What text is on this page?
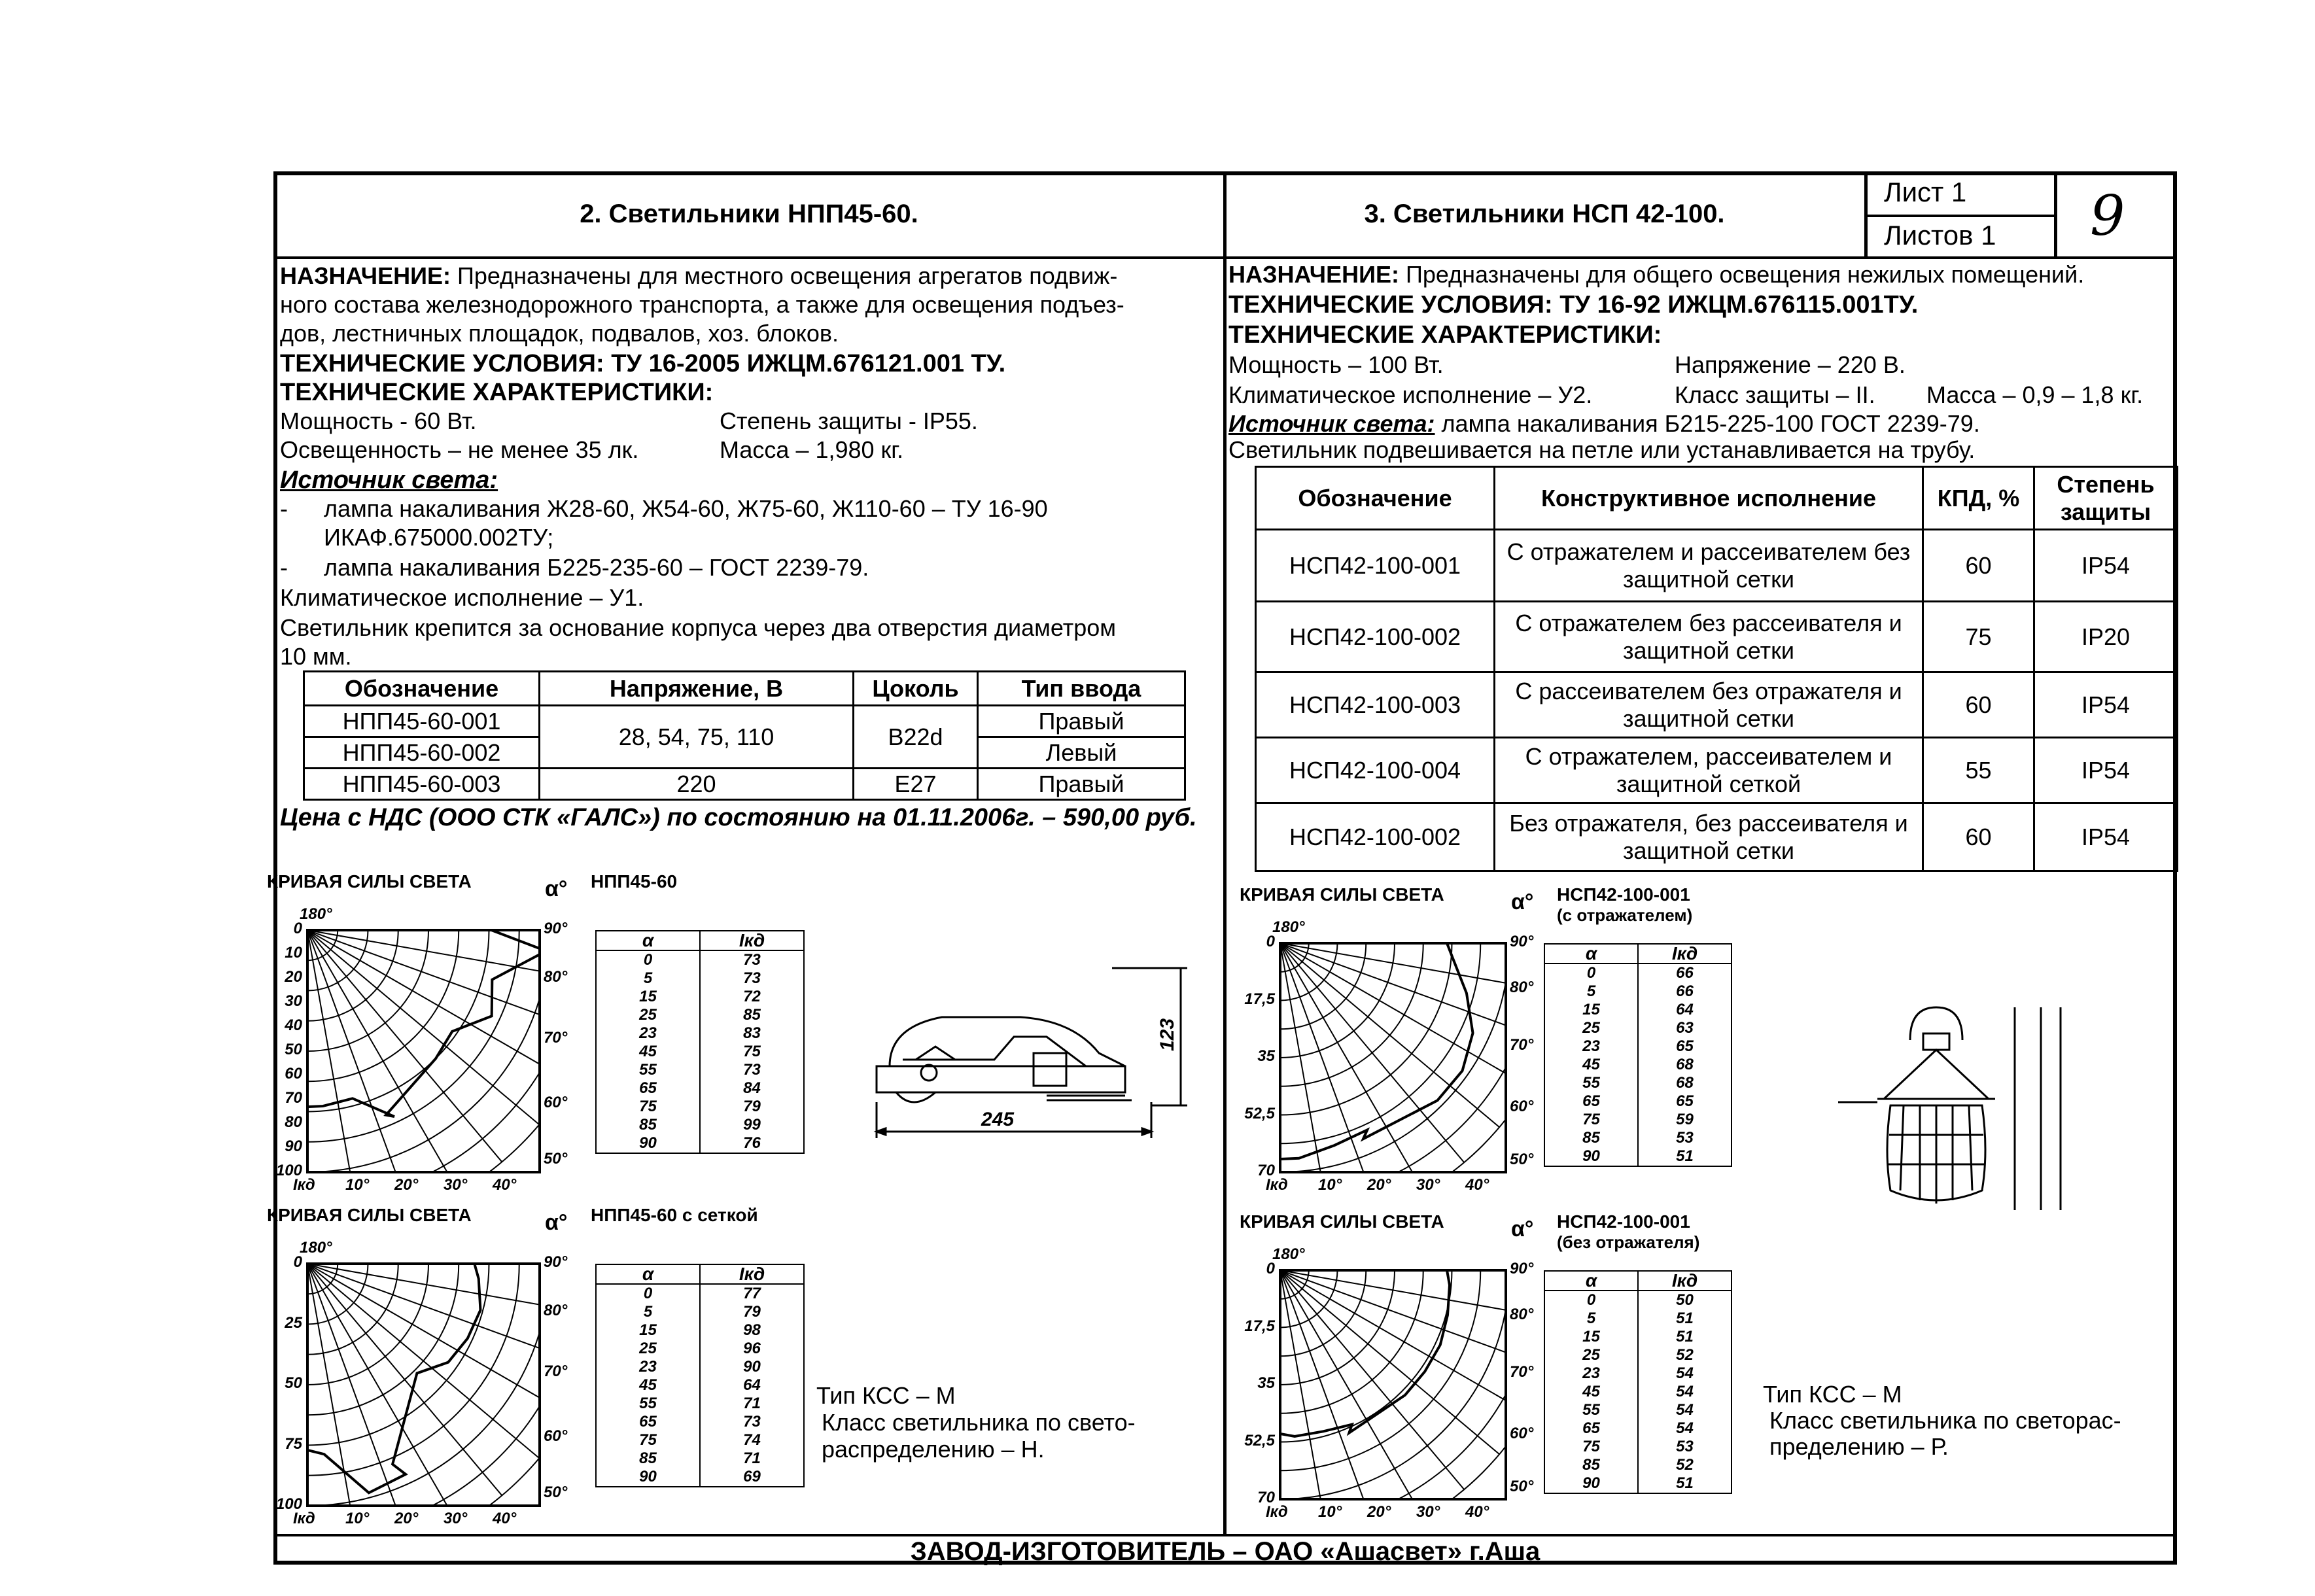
2. Светильники НПП45-60.	3. Светильники НСП 42-100.
Лист 1
Листов 1 9
НАЗНАЧЕНИЕ: Предназначены для местного освещения агрегатов подвиж-
ного состава железнодорожного транспорта, а также для освещения подъез-
дов, лестничных площадок, подвалов, хоз. блоков.
ТЕХНИЧЕСКИЕ УСЛОВИЯ: ТУ 16-2005 ИЖЦМ.676121.001 ТУ.
ТЕХНИЧЕСКИЕ ХАРАКТЕРИСТИКИ:
Мощность - 60 Вт.	Степень защиты - IP55.
Освещенность – не менее 35 лк.	Масса – 1,980 кг.
Источник света:
- лампа накаливания Ж28-60, Ж54-60, Ж75-60, Ж110-60 – ТУ 16-90
ИКАФ.675000.002ТУ;
- лампа накаливания Б225-235-60 – ГОСТ 2239-79.
Климатическое исполнение – У1.
Светильник крепится за основание корпуса через два отверстия диаметром
10 мм.
Обозначение	Напряжение, В	Цоколь	Тип ввода
НПП45-60-001	28, 54, 75, 110	B22d	Правый
НПП45-60-002			Левый
НПП45-60-003	220	E27	Правый
Цена с НДС (ООО СТК «ГАЛС») по состоянию на 01.11.2006г. – 590,00 руб.
НАЗНАЧЕНИЕ: Предназначены для общего освещения нежилых помещений.
ТЕХНИЧЕСКИЕ УСЛОВИЯ: ТУ 16-92 ИЖЦМ.676115.001ТУ.
ТЕХНИЧЕСКИЕ ХАРАКТЕРИСТИКИ:
Мощность – 100 Вт.	Напряжение – 220 В.
Климатическое исполнение – У2.	Класс защиты – II. Масса – 0,9 – 1,8 кг.
Источник света: лампа накаливания Б215-225-100 ГОСТ 2239-79.
Светильник подвешивается на петле или устанавливается на трубу.
Обозначение	Конструктивное исполнение	КПД, %	Степень защиты
НСП42-100-001	С отражателем и рассеивателем без защитной сетки	60	IP54
НСП42-100-002	С отражателем без рассеивателя и защитной сетки	75	IP20
НСП42-100-003	С рассеивателем без отражателя и защитной сетки	60	IP54
НСП42-100-004	С отражателем, рассеивателем и защитной сеткой	55	IP54
НСП42-100-002	Без отражателя, без рассеивателя и защитной сетки	60	IP54
КРИВАЯ СИЛЫ СВЕТА	α° НПП45-60
180°
0
10
20
30
40
50
60
70
80
90
100
Iкд 10° 20° 30° 40°
90°
80°
70°
60°
50°
α	Iкд
0	73
5	73
15	72
25	85
23	83
45	75
55	73
65	84
75	79
85	99
90	76
КРИВАЯ СИЛЫ СВЕТА	α° НПП45-60 с сеткой
180°
0
25
50
75
100
Iкд 10° 20° 30° 40°
90°
80°
70°
60°
50°
α	Iкд
0	77
5	79
15	98
25	96
23	90
45	64
55	71
65	73
75	74
85	71
90	69
КРИВАЯ СИЛЫ СВЕТА	α° НСП42-100-001
(с отражателем)
180°
0
17,5
35
52,5
70
Iкд 10° 20° 30° 40°
90°
80°
70°
60°
50°
α	Iкд
0	66
5	66
15	64
25	63
23	65
45	68
55	68
65	65
75	59
85	53
90	51
КРИВАЯ СИЛЫ СВЕТА	α° НСП42-100-001
(без отражателя)
180°
0
17,5
35
52,5
70
Iкд 10° 20° 30° 40°
90°
80°
70°
60°
50°
α	Iкд
0	50
5	51
15	51
25	52
23	54
45	54
55	54
65	54
75	53
85	52
90	51
245
123
Тип КСС – М
Класс светильника по свето-
распределению – Н.
Тип КСС – М
Класс светильника по светорас-
пределению – Р.
ЗАВОД-ИЗГОТОВИТЕЛЬ – ОАО «Ашасвет» г.Аша
